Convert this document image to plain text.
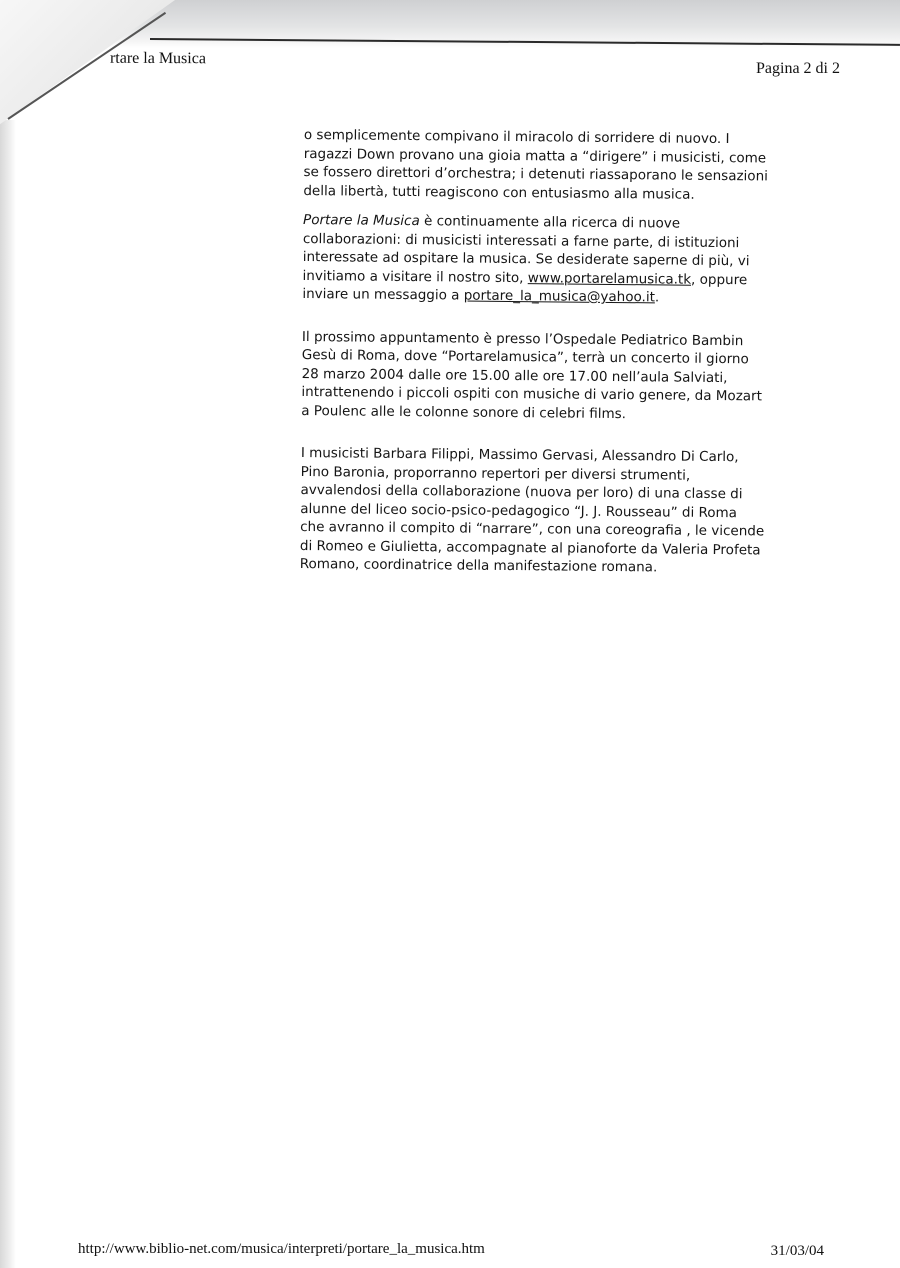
rtare la Musica
Pagina 2 di 2

o semplicemente compivano il miracolo di sorridere di nuovo. I
ragazzi Down provano una gioia matta a “dirigere” i musicisti, come
se fossero direttori d’orchestra; i detenuti riassaporano le sensazioni
della libertà, tutti reagiscono con entusiasmo alla musica.

Portare la Musica è continuamente alla ricerca di nuove
collaborazioni: di musicisti interessati a farne parte, di istituzioni
interessate ad ospitare la musica. Se desiderate saperne di più, vi
invitiamo a visitare il nostro sito, www.portarelamusica.tk, oppure
inviare un messaggio a portare_la_musica@yahoo.it.

Il prossimo appuntamento è presso l’Ospedale Pediatrico Bambin
Gesù di Roma, dove “Portarelamusica”, terrà un concerto il giorno
28 marzo 2004 dalle ore 15.00 alle ore 17.00 nell’aula Salviati,
intrattenendo i piccoli ospiti con musiche di vario genere, da Mozart
a Poulenc alle le colonne sonore di celebri films.

I musicisti Barbara Filippi, Massimo Gervasi, Alessandro Di Carlo,
Pino Baronia, proporranno repertori per diversi strumenti,
avvalendosi della collaborazione (nuova per loro) di una classe di
alunne del liceo socio-psico-pedagogico “J. J. Rousseau” di Roma
che avranno il compito di “narrare”, con una coreografia , le vicende
di Romeo e Giulietta, accompagnate al pianoforte da Valeria Profeta
Romano, coordinatrice della manifestazione romana.

http://www.biblio-net.com/musica/interpreti/portare_la_musica.htm	31/03/04
